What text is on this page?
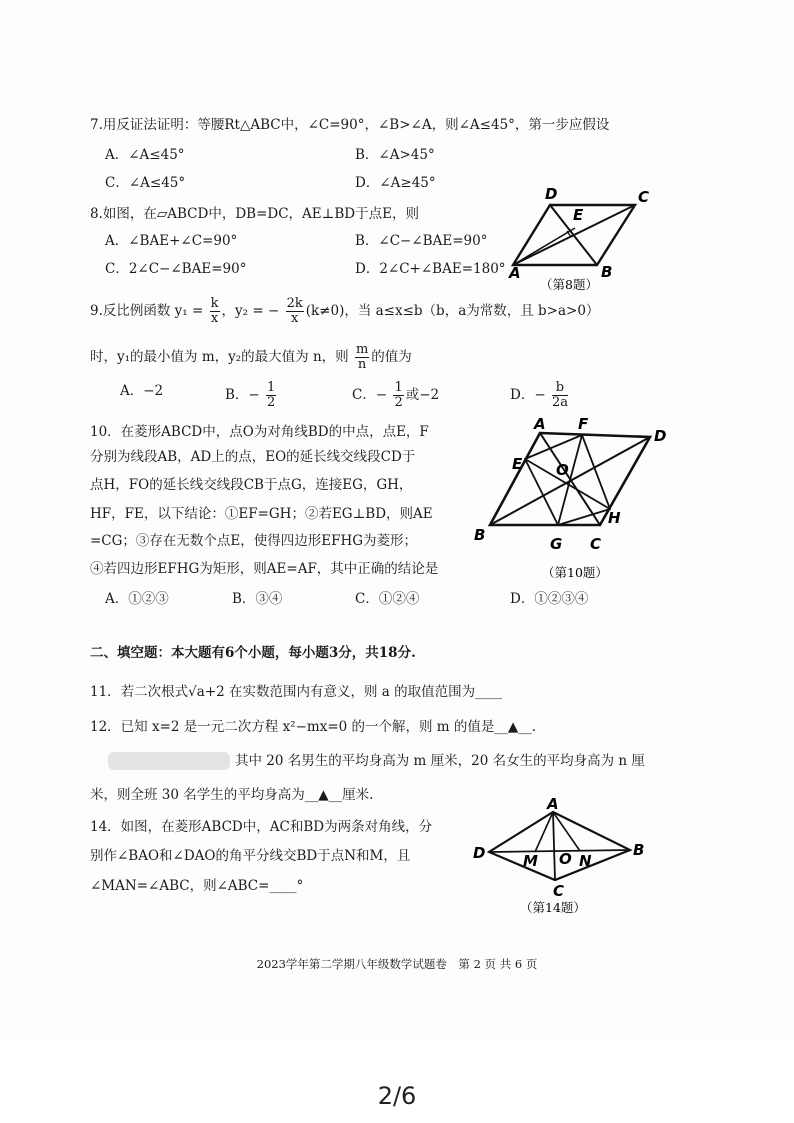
7.用反证法证明：等腰Rt△ABC中，∠C=90°，∠B>∠A，则∠A≤45°，第一步应假设
A．∠A≤45°	B．∠A>45°
C．∠A≤45°	D．∠A≥45°
8.如图，在▱ABCD中，DB=DC，AE⊥BD于点E，则
A．∠BAE+∠C=90°	B．∠C−∠BAE=90°
C．2∠C−∠BAE=90°	D．2∠C+∠BAE=180°
D	C
E
A	B
（第8题）
9.反比例函数 $y_1 = \frac{k}{x}$ ，y₂ = − $\frac{2k}{x} (k\ne 0)$，当 a≤x≤b（b，a为常数，且 b>a>0）
时，y₁的最小值为 m，y₂的最大值为 n，则 $\frac{m}{n}$ 的值为
A．−2	B．− $\frac{1}{2}$	C．− $\frac{1}{2}$ 或−2	D．− $\frac{b}{2a}$
10．在菱形ABCD中，点O为对角线BD的中点，点E，F
分别为线段AB，AD上的点，EO的延长线交线段CD于
点H，FO的延长线交线段CB于点G，连接EG，GH，
HF，FE，以下结论：①EF=GH；②若EG⊥BD，则AE
=CG；③存在无数个点E，使得四边形EFHG为菱形；
④若四边形EFHG为矩形，则AE=AF，其中正确的结论是
A．①②③	B．③④	C．①②④	D．①②③④
A F
D
E O
H
B	G C
（第10题）
二、填空题：本大题有6个小题，每小题3分，共18分.
11．若二次根式√a+2 在实数范围内有意义，则 a 的取值范围为____
12．已知 x=2 是一元二次方程 x²−mx=0 的一个解，则 m 的值是__▲__.
其中 20 名男生的平均身高为 m 厘米，20 名女生的平均身高为 n 厘
米，则全班 30 名学生的平均身高为__▲__厘米.
14．如图，在菱形ABCD中，AC和BD为两条对角线，分
别作∠BAO和∠DAO的角平分线交BD于点N和M，且
∠MAN=∠ABC，则∠ABC=____°
A
B
D	M O N
C
（第14题）
2023学年第二学期八年级数学试题卷　第 2 页 共 6 页
2/6
